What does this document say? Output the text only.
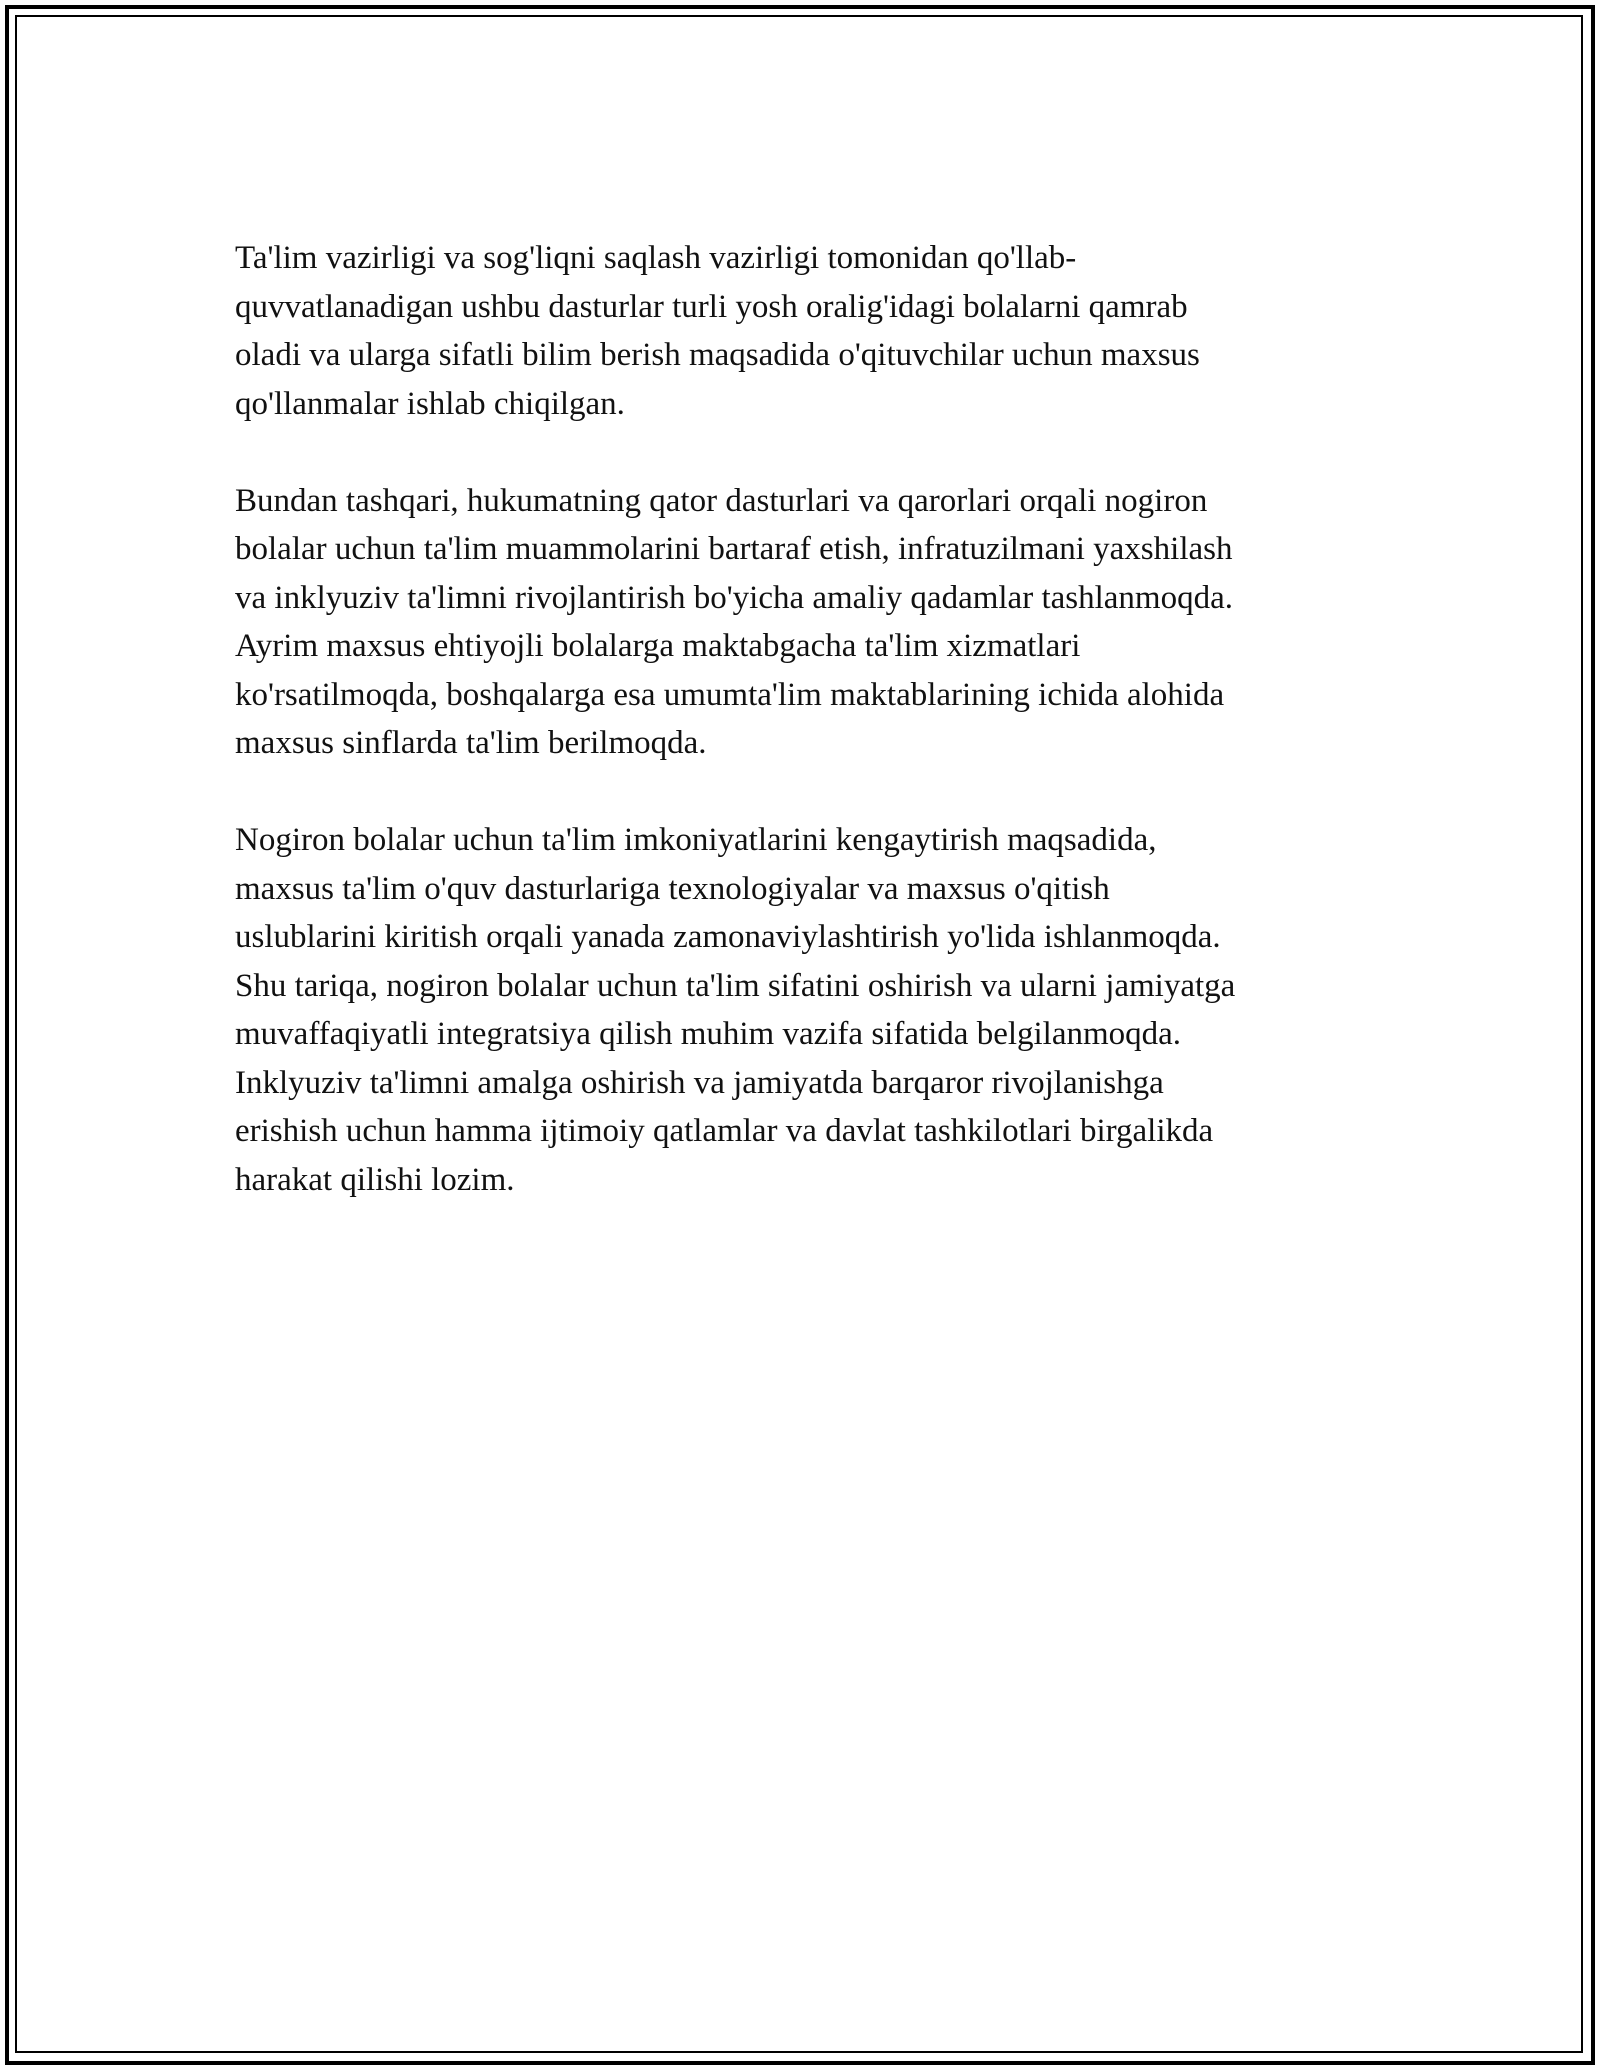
Ta'lim vazirligi va sog'liqni saqlash vazirligi tomonidan qo'llab-
quvvatlanadigan ushbu dasturlar turli yosh oralig'idagi bolalarni qamrab
oladi va ularga sifatli bilim berish maqsadida o'qituvchilar uchun maxsus
qo'llanmalar ishlab chiqilgan.

Bundan tashqari, hukumatning qator dasturlari va qarorlari orqali nogiron
bolalar uchun ta'lim muammolarini bartaraf etish, infratuzilmani yaxshilash
va inklyuziv ta'limni rivojlantirish bo'yicha amaliy qadamlar tashlanmoqda.
Ayrim maxsus ehtiyojli bolalarga maktabgacha ta'lim xizmatlari
ko'rsatilmoqda, boshqalarga esa umumta'lim maktablarining ichida alohida
maxsus sinflarda ta'lim berilmoqda.

Nogiron bolalar uchun ta'lim imkoniyatlarini kengaytirish maqsadida,
maxsus ta'lim o'quv dasturlariga texnologiyalar va maxsus o'qitish
uslublarini kiritish orqali yanada zamonaviylashtirish yo'lida ishlanmoqda.
Shu tariqa, nogiron bolalar uchun ta'lim sifatini oshirish va ularni jamiyatga
muvaffaqiyatli integratsiya qilish muhim vazifa sifatida belgilanmoqda.
Inklyuziv ta'limni amalga oshirish va jamiyatda barqaror rivojlanishga
erishish uchun hamma ijtimoiy qatlamlar va davlat tashkilotlari birgalikda
harakat qilishi lozim.
